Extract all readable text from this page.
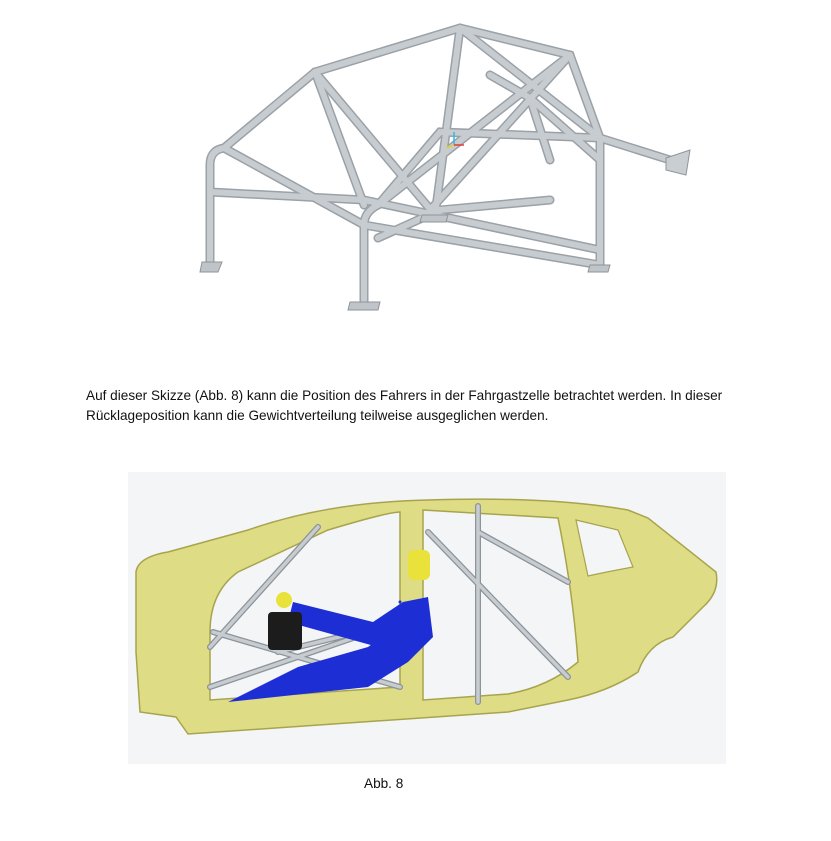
Auf dieser Skizze (Abb. 8) kann die Position des Fahrers in der Fahrgastzelle betrachtet werden. In dieser
Rücklageposition kann die Gewichtverteilung teilweise ausgeglichen werden.
Abb. 8
